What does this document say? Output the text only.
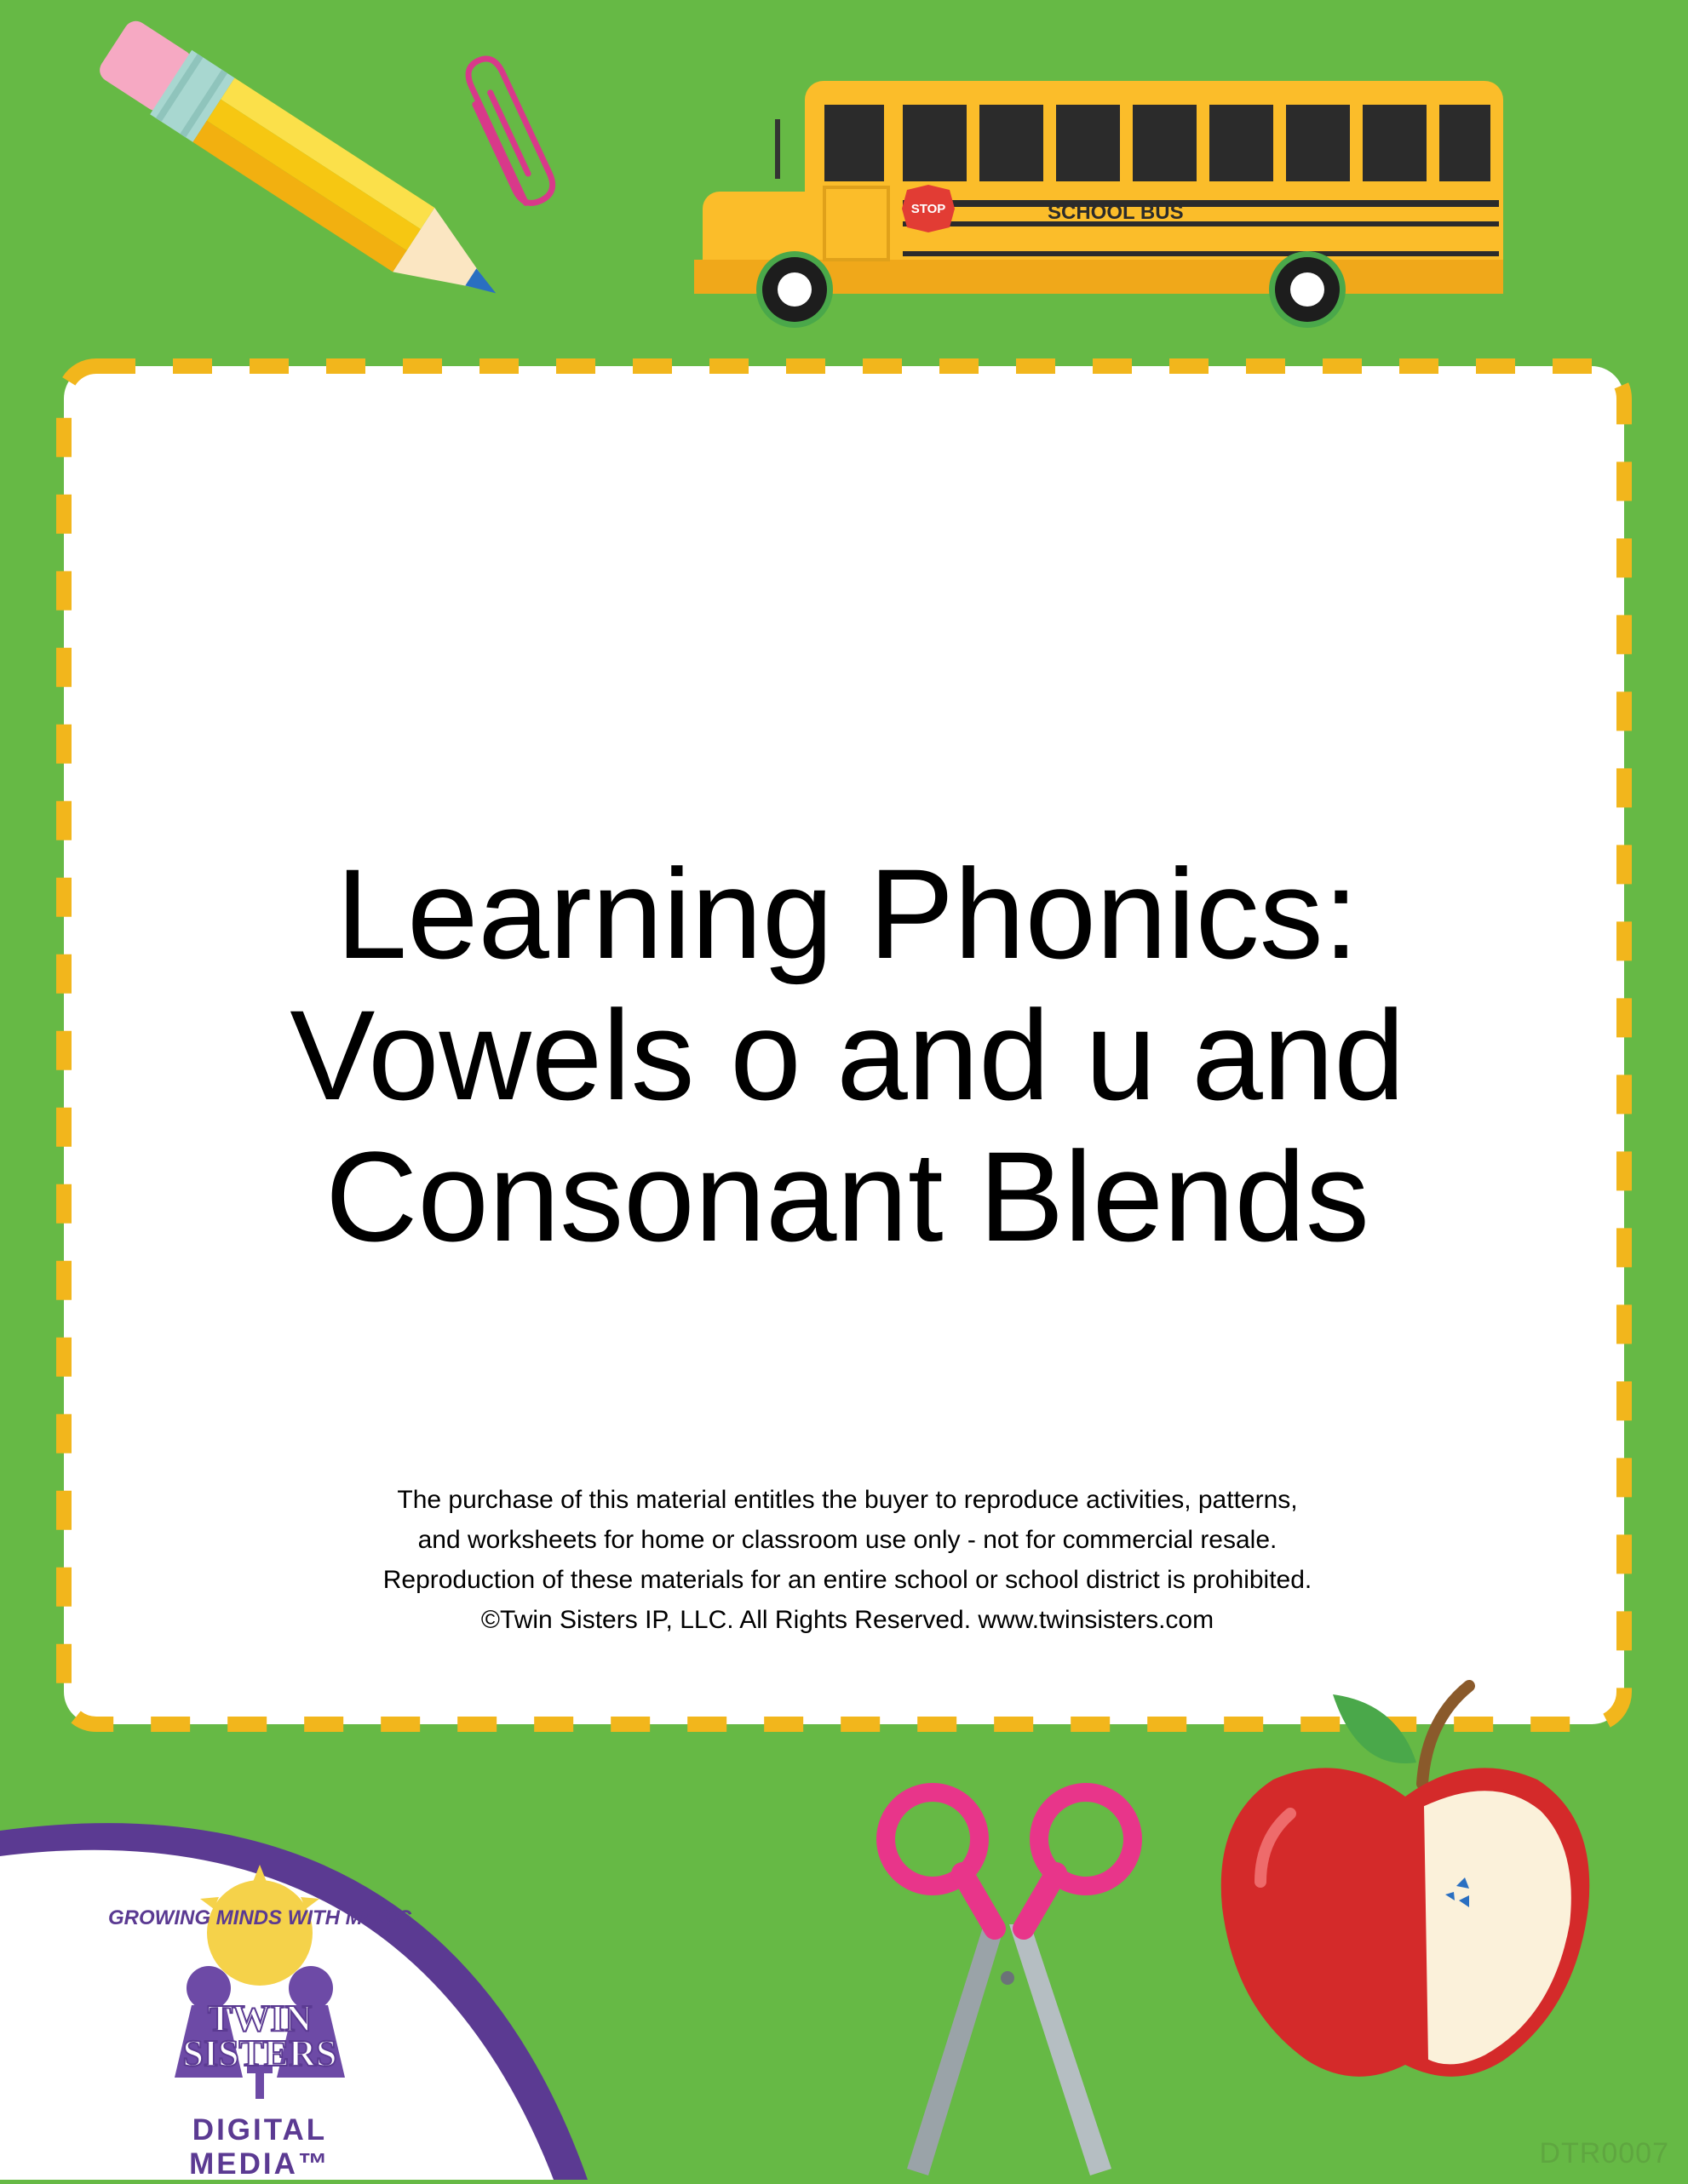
STOP	SCHOOL BUS
Learning Phonics:
Vowels o and u and
Consonant Blends
The purchase of this material entitles the buyer to reproduce activities, patterns,
and worksheets for home or classroom use only - not for commercial resale.
Reproduction of these materials for an entire school or school district is prohibited.
©Twin Sisters IP, LLC. All Rights Reserved. www.twinsisters.com
GROWING MINDS WITH MUSIC
TWIN
SISTERS
DIGITAL MEDIA™	DTR0007
